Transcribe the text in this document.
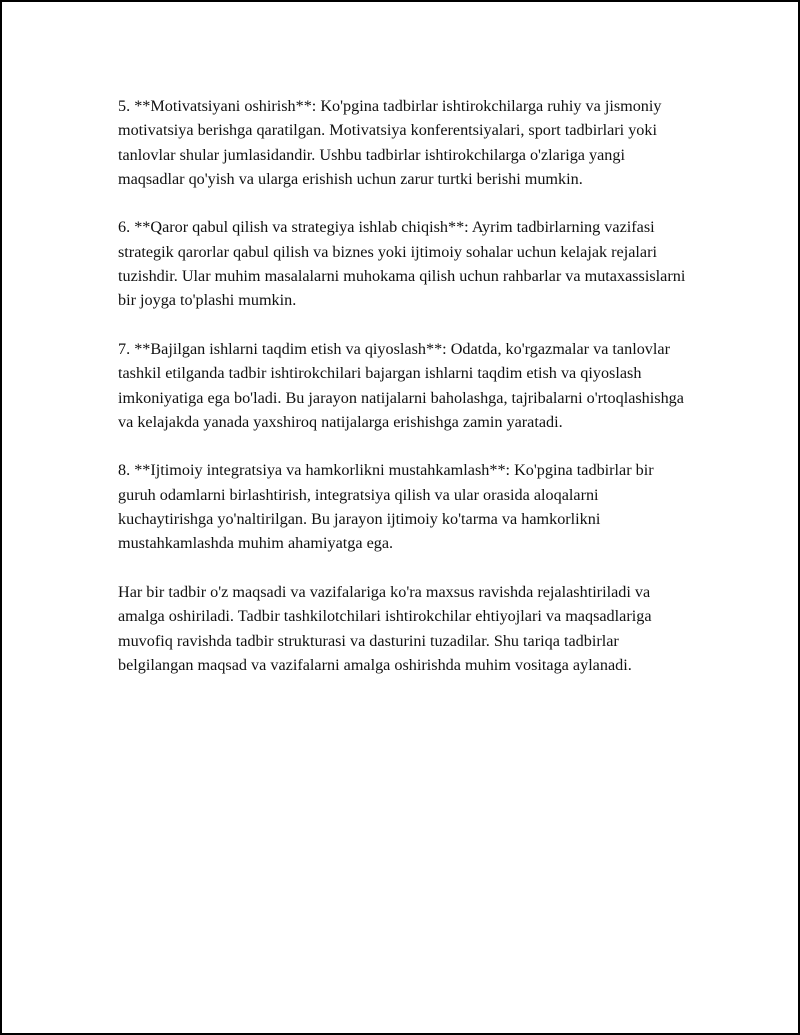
5. **Motivatsiyani oshirish**: Ko'pgina tadbirlar ishtirokchilarga ruhiy va jismoniy motivatsiya berishga qaratilgan. Motivatsiya konferentsiyalari, sport tadbirlari yoki tanlovlar shular jumlasidandir. Ushbu tadbirlar ishtirokchilarga o'zlariga yangi maqsadlar qo'yish va ularga erishish uchun zarur turtki berishi mumkin.

6. **Qaror qabul qilish va strategiya ishlab chiqish**: Ayrim tadbirlarning vazifasi strategik qarorlar qabul qilish va biznes yoki ijtimoiy sohalar uchun kelajak rejalari tuzishdir. Ular muhim masalalarni muhokama qilish uchun rahbarlar va mutaxassislarni bir joyga to'plashi mumkin.

7. **Bajilgan ishlarni taqdim etish va qiyoslash**: Odatda, ko'rgazmalar va tanlovlar tashkil etilganda tadbir ishtirokchilari bajargan ishlarni taqdim etish va qiyoslash imkoniyatiga ega bo'ladi. Bu jarayon natijalarni baholashga, tajribalarni o'rtoqlashishga va kelajakda yanada yaxshiroq natijalarga erishishga zamin yaratadi.

8. **Ijtimoiy integratsiya va hamkorlikni mustahkamlash**: Ko'pgina tadbirlar bir guruh odamlarni birlashtirish, integratsiya qilish va ular orasida aloqalarni kuchaytirishga yo'naltirilgan. Bu jarayon ijtimoiy ko'tarma va hamkorlikni mustahkamlashda muhim ahamiyatga ega.

Har bir tadbir o'z maqsadi va vazifalariga ko'ra maxsus ravishda rejalashtiriladi va amalga oshiriladi. Tadbir tashkilotchilari ishtirokchilar ehtiyojlari va maqsadlariga muvofiq ravishda tadbir strukturasi va dasturini tuzadilar. Shu tariqa tadbirlar belgilangan maqsad va vazifalarni amalga oshirishda muhim vositaga aylanadi.
